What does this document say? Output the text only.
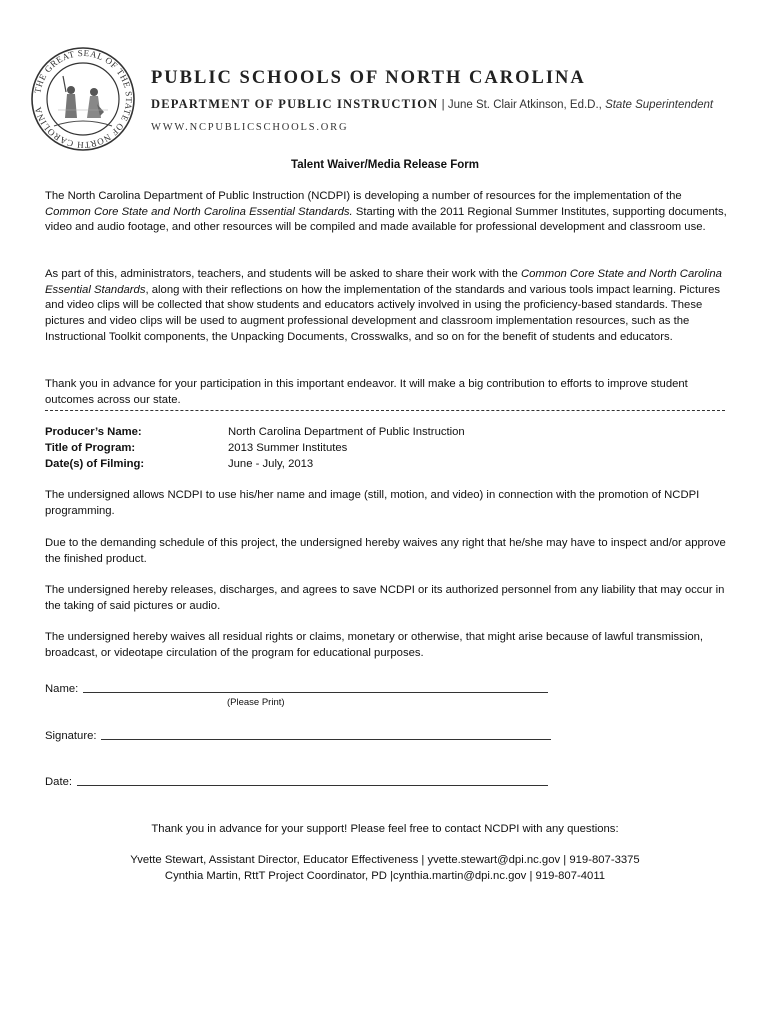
THE GREAT SEAL OF THE STATE OF NORTH CAROLINA
PUBLIC SCHOOLS OF NORTH CAROLINA
DEPARTMENT OF PUBLIC INSTRUCTION | June St. Clair Atkinson, Ed.D., State Superintendent
WWW.NCPUBLICSCHOOLS.ORG
Talent Waiver/Media Release Form

The North Carolina Department of Public Instruction (NCDPI) is developing a number of resources for the implementation of the Common Core State and North Carolina Essential Standards. Starting with the 2011 Regional Summer Institutes, supporting documents, video and audio footage, and other resources will be compiled and made available for professional development and classroom use.

As part of this, administrators, teachers, and students will be asked to share their work with the Common Core State and North Carolina Essential Standards, along with their reflections on how the implementation of the standards and various tools impact learning. Pictures and video clips will be collected that show students and educators actively involved in using the proficiency-based standards. These pictures and video clips will be used to augment professional development and classroom implementation resources, such as the Instructional Toolkit components, the Unpacking Documents, Crosswalks, and so on for the benefit of students and educators.

Thank you in advance for your participation in this important endeavor. It will make a big contribution to efforts to improve student outcomes across our state.

Producer’s Name:	North Carolina Department of Public Instruction
Title of Program:	2013 Summer Institutes
Date(s) of Filming:	June - July, 2013

The undersigned allows NCDPI to use his/her name and image (still, motion, and video) in connection with the promotion of NCDPI programming.

Due to the demanding schedule of this project, the undersigned hereby waives any right that he/she may have to inspect and/or approve the finished product.

The undersigned hereby releases, discharges, and agrees to save NCDPI or its authorized personnel from any liability that may occur in the taking of said pictures or audio.

The undersigned hereby waives all residual rights or claims, monetary or otherwise, that might arise because of lawful transmission, broadcast, or videotape circulation of the program for educational purposes.

Name:
(Please Print)
Signature:
Date:
Thank you in advance for your support! Please feel free to contact NCDPI with any questions:
Yvette Stewart, Assistant Director, Educator Effectiveness | yvette.stewart@dpi.nc.gov | 919-807-3375
Cynthia Martin, RttT Project Coordinator, PD |cynthia.martin@dpi.nc.gov | 919-807-4011
